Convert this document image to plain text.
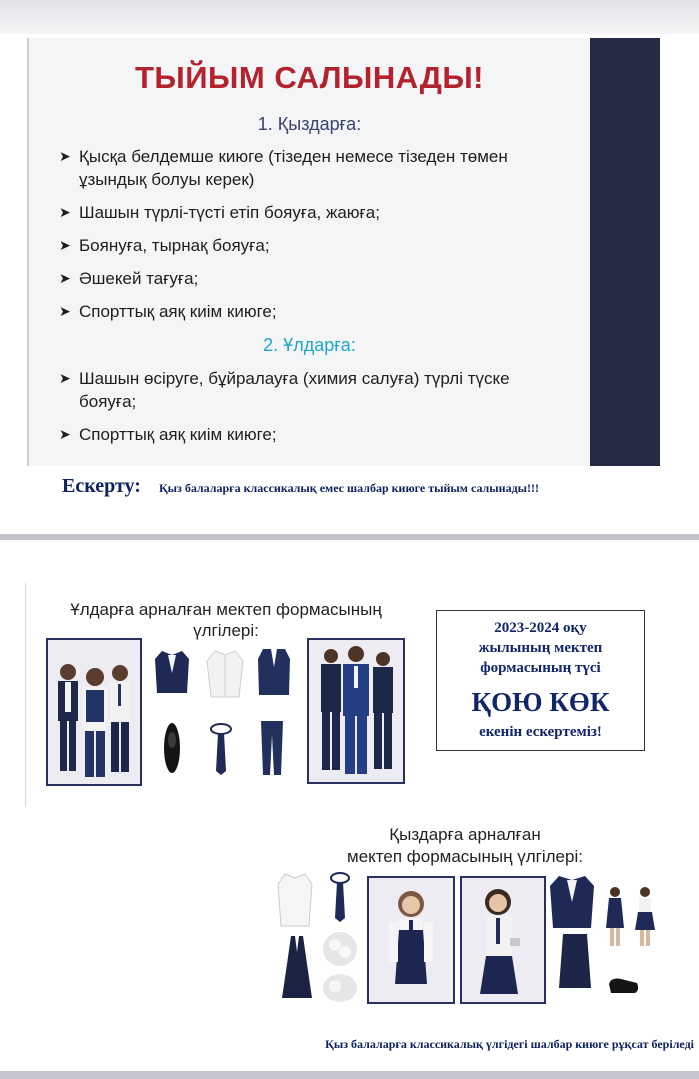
ТЫЙЫМ САЛЫНАДЫ!
1. Қыздарға:
➤ Қысқа белдемше киюге (тізеден немесе тізеден төмен ұзындық болуы керек)
➤ Шашын түрлі-түсті етіп бояуға, жаюға;
➤ Боянуға, тырнақ бояуға;
➤ Әшекей тағуға;
➤ Спорттық аяқ киім киюге;
2. Ұлдарға:
➤ Шашын өсіруге, бұйралауға (химия салуға) түрлі түске бояуға;
➤ Спорттық аяқ киім киюге;
Ескерту: Қыз балаларға классикалық емес шалбар киюге тыйым салынады!!!
Ұлдарға арналған мектеп формасының
үлгілері:	2023-2024 оқу
жылының мектеп
формасының түсі
ҚОЮ КӨК
екенін ескертеміз!
Қыздарға арналған
мектеп формасының үлгілері:
Қыз балаларға классикалық үлгідегі шалбар киюге рұқсат беріледі
